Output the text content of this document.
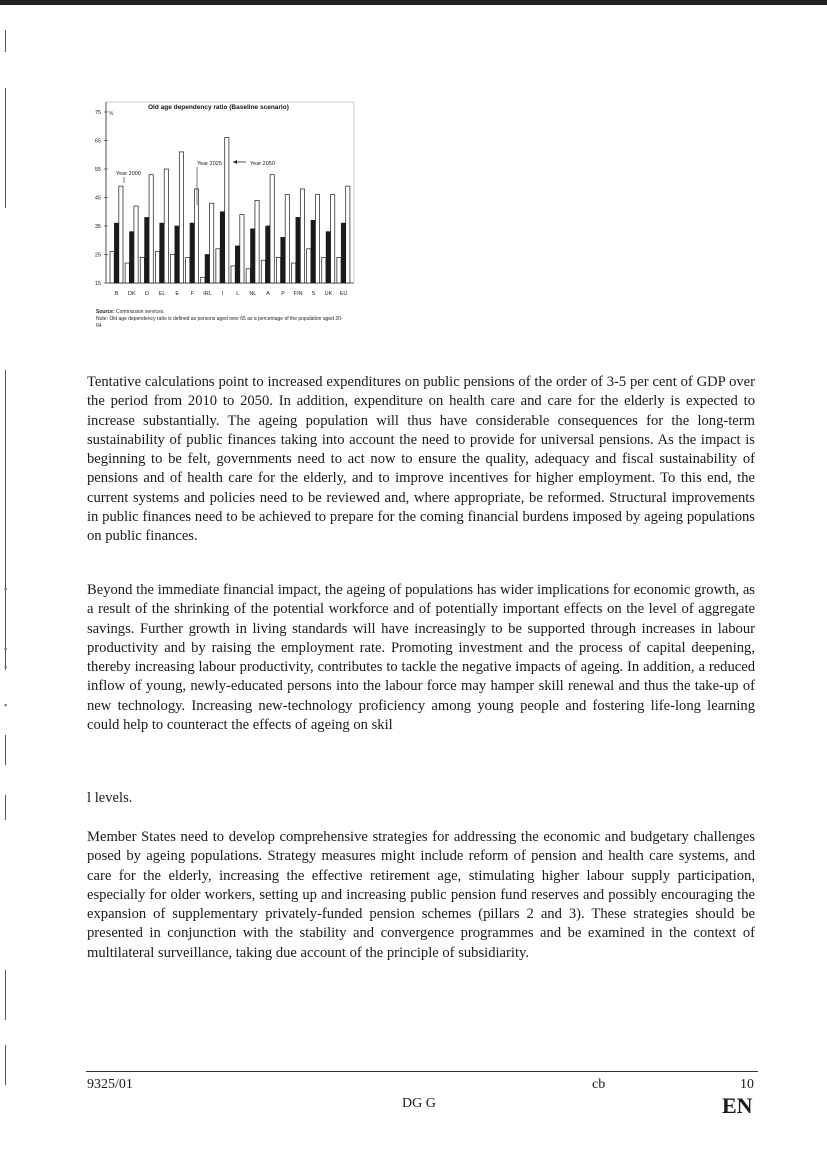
▪
▪
▪
▪
Old age dependency ratio (Baseline scenario)
%
15
25
35
45
55
65
75
B DK D EL E F IRL I L NL A P FIN S UK EU
Year 2000
Year 2025	Year 2050
Source: Commission services.
Note: Old age dependency ratio is defined as persons aged over 65 as a percentage of the population aged 20-64

Tentative calculations point to increased expenditures on public pensions of the order of 3-5 per cent of GDP over the period from 2010 to 2050. In addition, expenditure on health care and care for the elderly is expected to increase substantially. The ageing population will thus have considerable consequences for the long-term sustainability of public finances taking into account the need to provide for universal pensions. As the impact is beginning to be felt, governments need to act now to ensure the quality, adequacy and fiscal sustainability of pensions and of health care for the elderly, and to improve incentives for higher employment. To this end, the current systems and policies need to be reviewed and, where appropriate, be reformed. Structural improvements in public finances need to be achieved to prepare for the coming financial burdens imposed by ageing populations on public finances.

Beyond the immediate financial impact, the ageing of populations has wider implications for economic growth, as a result of the shrinking of the potential workforce and of potentially important effects on the level of aggregate savings. Further growth in living standards will have increasingly to be supported through increases in labour productivity and by raising the employment rate. Promoting investment and the process of capital deepening, thereby increasing labour productivity, contributes to tackle the negative impacts of ageing. In addition, a reduced inflow of young, newly-educated persons into the labour force may hamper skill renewal and thus the take-up of new technology. Increasing new-technology proficiency among young people and fostering life-long learning could help to counteract the effects of ageing on skil

l levels.

Member States need to develop comprehensive strategies for addressing the economic and budgetary challenges posed by ageing populations. Strategy measures might include reform of pension and health care systems, and care for the elderly, increasing the effective retirement age, stimulating higher labour supply participation, especially for older workers, setting up and increasing public pension fund reserves and possibly encouraging the expansion of supplementary privately-funded pension schemes (pillars 2 and 3). These strategies should be presented in conjunction with the stability and convergence programmes and be examined in the context of multilateral surveillance, taking due account of the principle of subsidiarity.

9325/01	cb	10
DG G	EN
